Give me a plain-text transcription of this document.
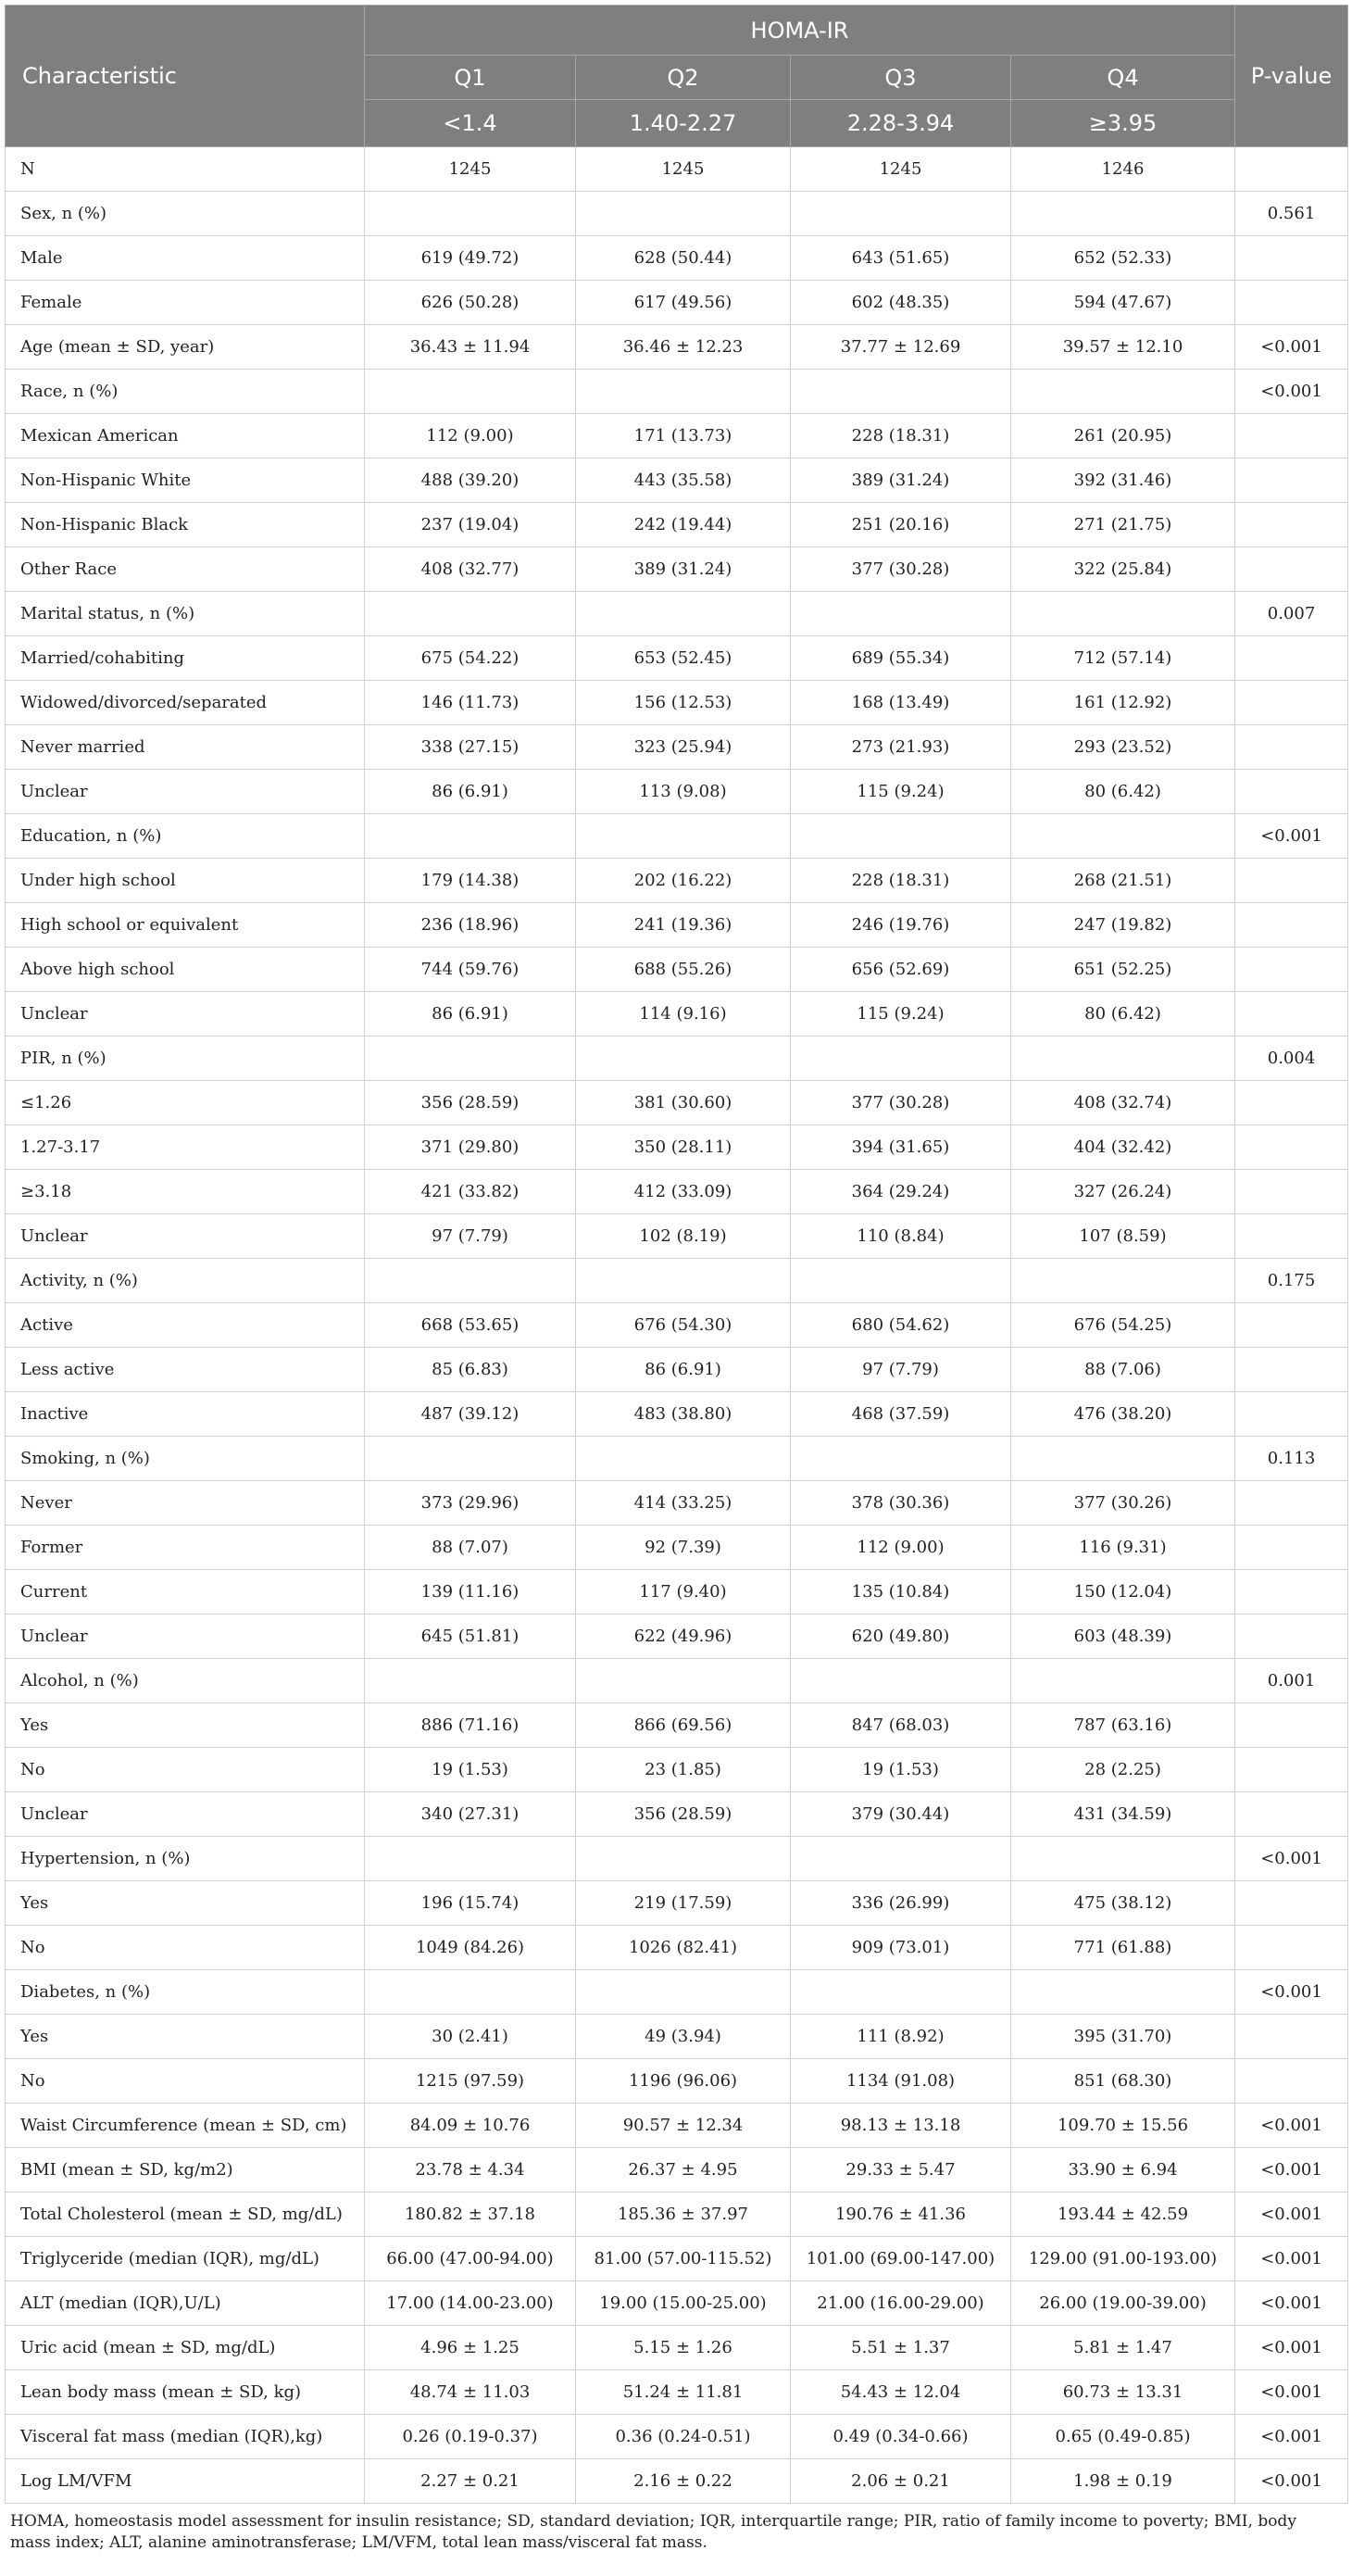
Characteristic	HOMA-IR				P-value
	Q1	Q2	Q3	Q4	
	<1.4	1.40-2.27	2.28-3.94	≥3.95	
N	1245	1245	1245	1246	
Sex, n (%)					0.561
Male	619 (49.72)	628 (50.44)	643 (51.65)	652 (52.33)	
Female	626 (50.28)	617 (49.56)	602 (48.35)	594 (47.67)	
Age (mean ± SD, year)	36.43 ± 11.94	36.46 ± 12.23	37.77 ± 12.69	39.57 ± 12.10	<0.001
Race, n (%)					<0.001
Mexican American	112 (9.00)	171 (13.73)	228 (18.31)	261 (20.95)	
Non-Hispanic White	488 (39.20)	443 (35.58)	389 (31.24)	392 (31.46)	
Non-Hispanic Black	237 (19.04)	242 (19.44)	251 (20.16)	271 (21.75)	
Other Race	408 (32.77)	389 (31.24)	377 (30.28)	322 (25.84)	
Marital status, n (%)					0.007
Married/cohabiting	675 (54.22)	653 (52.45)	689 (55.34)	712 (57.14)	
Widowed/divorced/separated	146 (11.73)	156 (12.53)	168 (13.49)	161 (12.92)	
Never married	338 (27.15)	323 (25.94)	273 (21.93)	293 (23.52)	
Unclear	86 (6.91)	113 (9.08)	115 (9.24)	80 (6.42)	
Education, n (%)					<0.001
Under high school	179 (14.38)	202 (16.22)	228 (18.31)	268 (21.51)	
High school or equivalent	236 (18.96)	241 (19.36)	246 (19.76)	247 (19.82)	
Above high school	744 (59.76)	688 (55.26)	656 (52.69)	651 (52.25)	
Unclear	86 (6.91)	114 (9.16)	115 (9.24)	80 (6.42)	
PIR, n (%)					0.004
≤1.26	356 (28.59)	381 (30.60)	377 (30.28)	408 (32.74)	
1.27-3.17	371 (29.80)	350 (28.11)	394 (31.65)	404 (32.42)	
≥3.18	421 (33.82)	412 (33.09)	364 (29.24)	327 (26.24)	
Unclear	97 (7.79)	102 (8.19)	110 (8.84)	107 (8.59)	
Activity, n (%)					0.175
Active	668 (53.65)	676 (54.30)	680 (54.62)	676 (54.25)	
Less active	85 (6.83)	86 (6.91)	97 (7.79)	88 (7.06)	
Inactive	487 (39.12)	483 (38.80)	468 (37.59)	476 (38.20)	
Smoking, n (%)					0.113
Never	373 (29.96)	414 (33.25)	378 (30.36)	377 (30.26)	
Former	88 (7.07)	92 (7.39)	112 (9.00)	116 (9.31)	
Current	139 (11.16)	117 (9.40)	135 (10.84)	150 (12.04)	
Unclear	645 (51.81)	622 (49.96)	620 (49.80)	603 (48.39)	
Alcohol, n (%)					0.001
Yes	886 (71.16)	866 (69.56)	847 (68.03)	787 (63.16)	
No	19 (1.53)	23 (1.85)	19 (1.53)	28 (2.25)	
Unclear	340 (27.31)	356 (28.59)	379 (30.44)	431 (34.59)	
Hypertension, n (%)					<0.001
Yes	196 (15.74)	219 (17.59)	336 (26.99)	475 (38.12)	
No	1049 (84.26)	1026 (82.41)	909 (73.01)	771 (61.88)	
Diabetes, n (%)					<0.001
Yes	30 (2.41)	49 (3.94)	111 (8.92)	395 (31.70)	
No	1215 (97.59)	1196 (96.06)	1134 (91.08)	851 (68.30)	
Waist Circumference (mean ± SD, cm)	84.09 ± 10.76	90.57 ± 12.34	98.13 ± 13.18	109.70 ± 15.56	<0.001
BMI (mean ± SD, kg/m2)	23.78 ± 4.34	26.37 ± 4.95	29.33 ± 5.47	33.90 ± 6.94	<0.001
Total Cholesterol (mean ± SD, mg/dL)	180.82 ± 37.18	185.36 ± 37.97	190.76 ± 41.36	193.44 ± 42.59	<0.001
Triglyceride (median (IQR), mg/dL)	66.00 (47.00-94.00)	81.00 (57.00-115.52)	101.00 (69.00-147.00)	129.00 (91.00-193.00)	<0.001
ALT (median (IQR),U/L)	17.00 (14.00-23.00)	19.00 (15.00-25.00)	21.00 (16.00-29.00)	26.00 (19.00-39.00)	<0.001
Uric acid (mean ± SD, mg/dL)	4.96 ± 1.25	5.15 ± 1.26	5.51 ± 1.37	5.81 ± 1.47	<0.001
Lean body mass (mean ± SD, kg)	48.74 ± 11.03	51.24 ± 11.81	54.43 ± 12.04	60.73 ± 13.31	<0.001
Visceral fat mass (median (IQR),kg)	0.26 (0.19-0.37)	0.36 (0.24-0.51)	0.49 (0.34-0.66)	0.65 (0.49-0.85)	<0.001
Log LM/VFM	2.27 ± 0.21	2.16 ± 0.22	2.06 ± 0.21	1.98 ± 0.19	<0.001
HOMA, homeostasis model assessment for insulin resistance; SD, standard deviation; IQR, interquartile range; PIR, ratio of family income to poverty; BMI, body mass index; ALT, alanine aminotransferase; LM/VFM, total lean mass/visceral fat mass.
